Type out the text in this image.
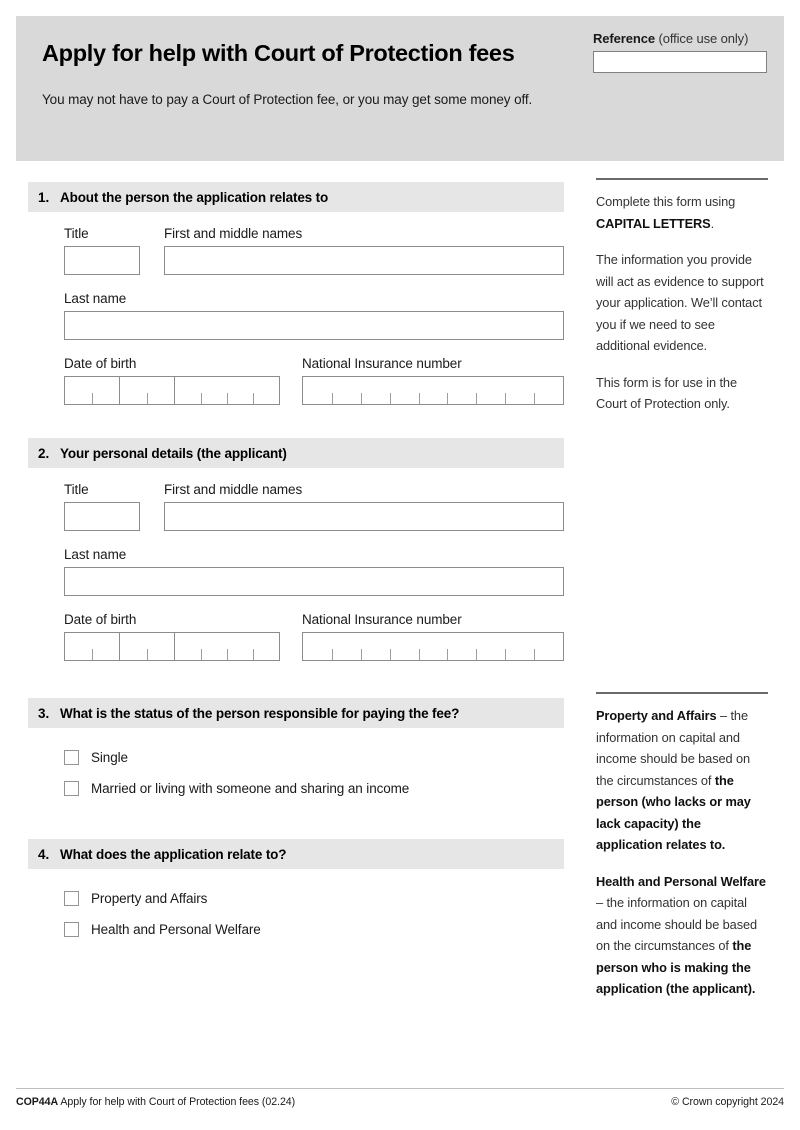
Apply for help with Court of Protection fees
You may not have to pay a Court of Protection fee, or you may get some money off.
Reference (office use only)
1. About the person the application relates to
Title	First and middle names
Last name
Date of birth	National Insurance number
2. Your personal details (the applicant)
Title	First and middle names
Last name
Date of birth	National Insurance number
3. What is the status of the person responsible for paying the fee?
Single
Married or living with someone and sharing an income
4. What does the application relate to?
Property and Affairs
Health and Personal Welfare

Complete this form using CAPITAL LETTERS.

The information you provide will act as evidence to support your application. We’ll contact you if we need to see additional evidence.

This form is for use in the Court of Protection only.

Property and Affairs – the information on capital and income should be based on the circumstances of the person (who lacks or may lack capacity) the application relates to.

Health and Personal Welfare – the information on capital and income should be based on the circumstances of the person who is making the application (the applicant).

COP44A Apply for help with Court of Protection fees (02.24)	© Crown copyright 2024
